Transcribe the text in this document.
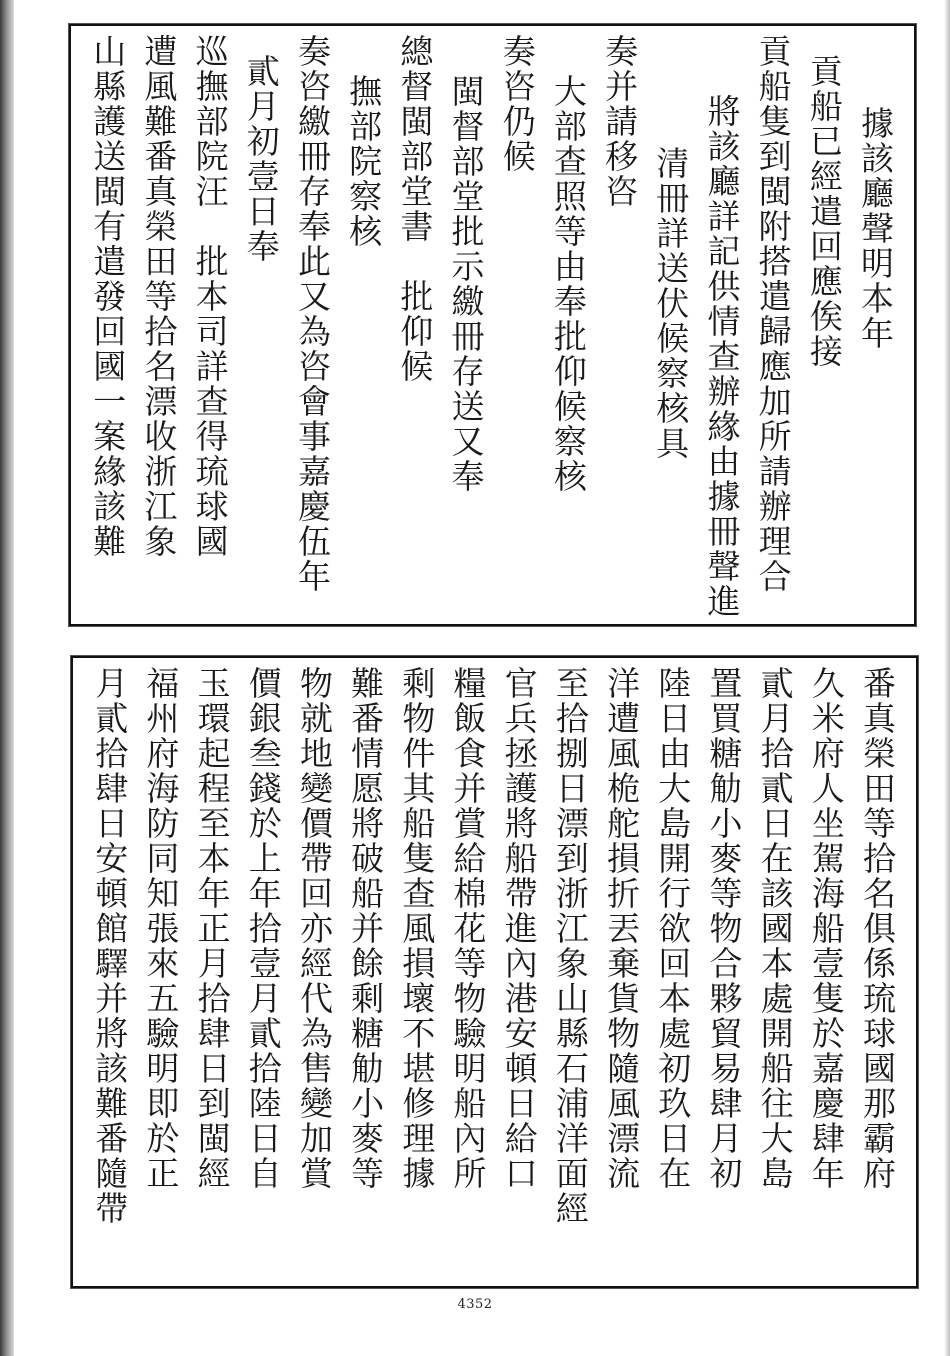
據該廳聲明本年
貢船已經遣回應俟接
貢船隻到閩附搭遣歸應加所請辦理合
將該廳詳記供情查辦緣由據冊聲進
清冊詳送伏候察核具
奏并請移咨
大部查照等由奉批仰候察核
奏咨仍候
閩督部堂批示繳冊存送又奉
總督閩部堂書　批仰候
撫部院察核
奏咨繳冊存奉此又為咨會事嘉慶伍年
貳月初壹日奉
巡撫部院汪　批本司詳查得琉球國
遭風難番真榮田等拾名漂收浙江象
山縣護送閩有遣發回國一案緣該難
番真榮田等拾名俱係琉球國那霸府
久米府人坐駕海船壹隻於嘉慶肆年
貳月拾貳日在該國本處開船往大島
置買糖觔小麥等物合夥貿易肆月初
陸日由大島開行欲回本處初玖日在
洋遭風桅舵損折丟棄貨物隨風漂流
至拾捌日漂到浙江象山縣石浦洋面經
官兵拯護將船帶進內港安頓日給口
糧飯食并賞給棉花等物驗明船內所
剩物件其船隻查風損壞不堪修理據
難番情愿將破船并餘剩糖觔小麥等
物就地變價帶回亦經代為售變加賞
價銀叁錢於上年拾壹月貳拾陸日自
玉環起程至本年正月拾肆日到閩經
福州府海防同知張來五驗明即於正
月貳拾肆日安頓館驛并將該難番隨帶
4352
